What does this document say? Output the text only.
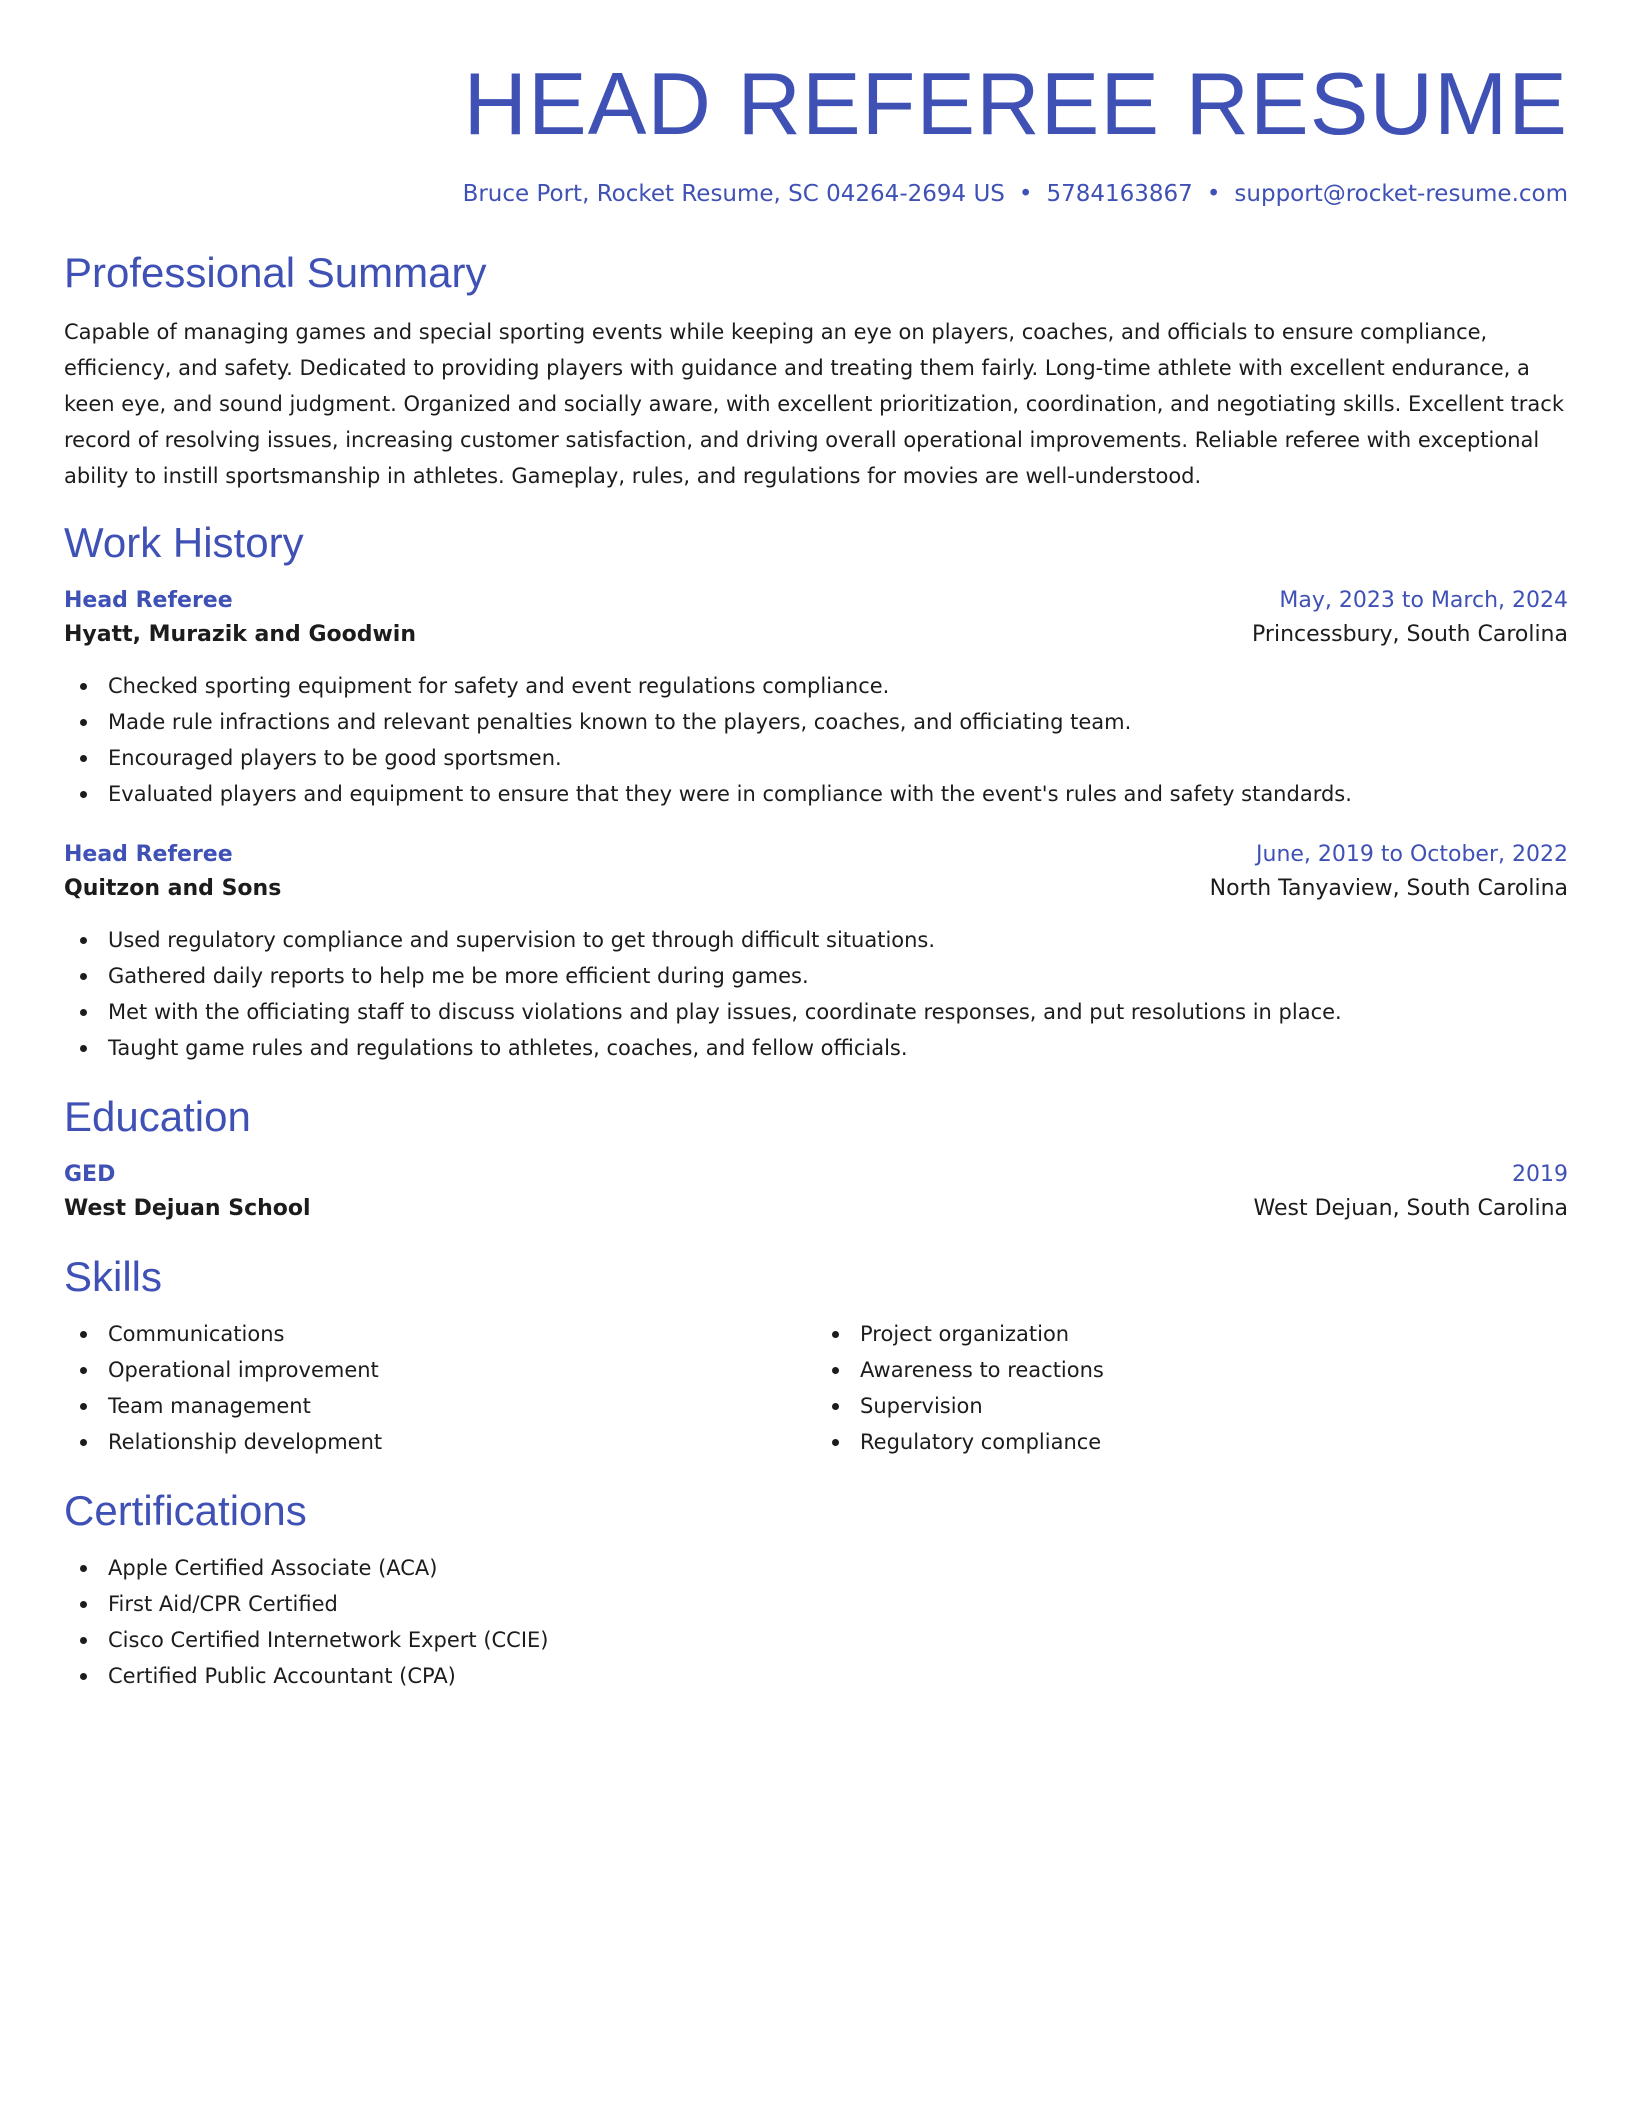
HEAD REFEREE RESUME
Bruce Port, Rocket Resume, SC 04264-2694 US • 5784163867 • support@rocket-resume.com
Professional Summary

Capable of managing games and special sporting events while keeping an eye on players, coaches, and officials to ensure compliance, efficiency, and safety. Dedicated to providing players with guidance and treating them fairly. Long-time athlete with excellent endurance, a keen eye, and sound judgment. Organized and socially aware, with excellent prioritization, coordination, and negotiating skills. Excellent track record of resolving issues, increasing customer satisfaction, and driving overall operational improvements. Reliable referee with exceptional ability to instill sportsmanship in athletes. Gameplay, rules, and regulations for movies are well-understood.

Work History
Head Referee	May, 2023 to March, 2024
Hyatt, Murazik and Goodwin	Princessbury, South Carolina
Checked sporting equipment for safety and event regulations compliance.
Made rule infractions and relevant penalties known to the players, coaches, and officiating team.
Encouraged players to be good sportsmen.
Evaluated players and equipment to ensure that they were in compliance with the event's rules and safety standards.
Head Referee	June, 2019 to October, 2022
Quitzon and Sons	North Tanyaview, South Carolina
Used regulatory compliance and supervision to get through difficult situations.
Gathered daily reports to help me be more efficient during games.
Met with the officiating staff to discuss violations and play issues, coordinate responses, and put resolutions in place.
Taught game rules and regulations to athletes, coaches, and fellow officials.
Education
GED	2019
West Dejuan School	West Dejuan, South Carolina
Skills
Communications
Operational improvement
Team management
Relationship development
Project organization
Awareness to reactions
Supervision
Regulatory compliance
Certifications
Apple Certified Associate (ACA)
First Aid/CPR Certified
Cisco Certified Internetwork Expert (CCIE)
Certified Public Accountant (CPA)
